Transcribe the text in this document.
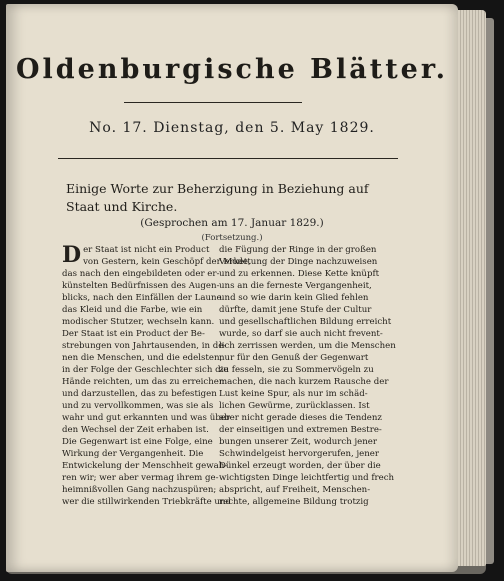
Oldenburgische Blätter.
No. 17. Dienstag, den 5. May 1829.
Einige Worte zur Beherzigung in Beziehung auf Staat und Kirche.
(Gesprochen am 17. Januar 1829.)
(Fortsetzung.)
D er Staat ist nicht ein Product
von Gestern, kein Geschöpf der Mode,
das nach den eingebildeten oder er-
künstelten Bedürfnissen des Augen-
blicks, nach den Einfällen der Laune
das Kleid und die Farbe, wie ein
modischer Stutzer, wechseln kann.
Der Staat ist ein Product der Be-
strebungen von Jahrtausenden, in de-
nen die Menschen, und die edelsten,
in der Folge der Geschlechter sich die
Hände reichten, um das zu erreichen
und darzustellen, das zu befestigen
und zu vervollkommen, was sie als
wahr und gut erkannten und was über
den Wechsel der Zeit erhaben ist.
Die Gegenwart ist eine Folge, eine
Wirkung der Vergangenheit. Die
Entwickelung der Menschheit gewah-
ren wir; wer aber vermag ihrem ge-
heimnißvollen Gang nachzuspüren;
wer die stillwirkenden Triebkräfte und
die Fügung der Ringe in der großen
Verkettung der Dinge nachzuweisen
und zu erkennen. Diese Kette knüpft
uns an die ferneste Vergangenheit,
und so wie darin kein Glied fehlen
dürfte, damit jene Stufe der Cultur
und gesellschaftlichen Bildung erreicht
wurde, so darf sie auch nicht frevent-
lich zerrissen werden, um die Menschen
nur für den Genuß der Gegenwart
zu fesseln, sie zu Sommervögeln zu
machen, die nach kurzem Rausche der
Lust keine Spur, als nur im schäd-
lichen Gewürme, zurücklassen. Ist
aber nicht gerade dieses die Tendenz
der einseitigen und extremen Bestre-
bungen unserer Zeit, wodurch jener
Schwindelgeist hervorgerufen, jener
Dünkel erzeugt worden, der über die
wichtigsten Dinge leichtfertig und frech
abspricht, auf Freiheit, Menschen-
rechte, allgemeine Bildung trotzig
